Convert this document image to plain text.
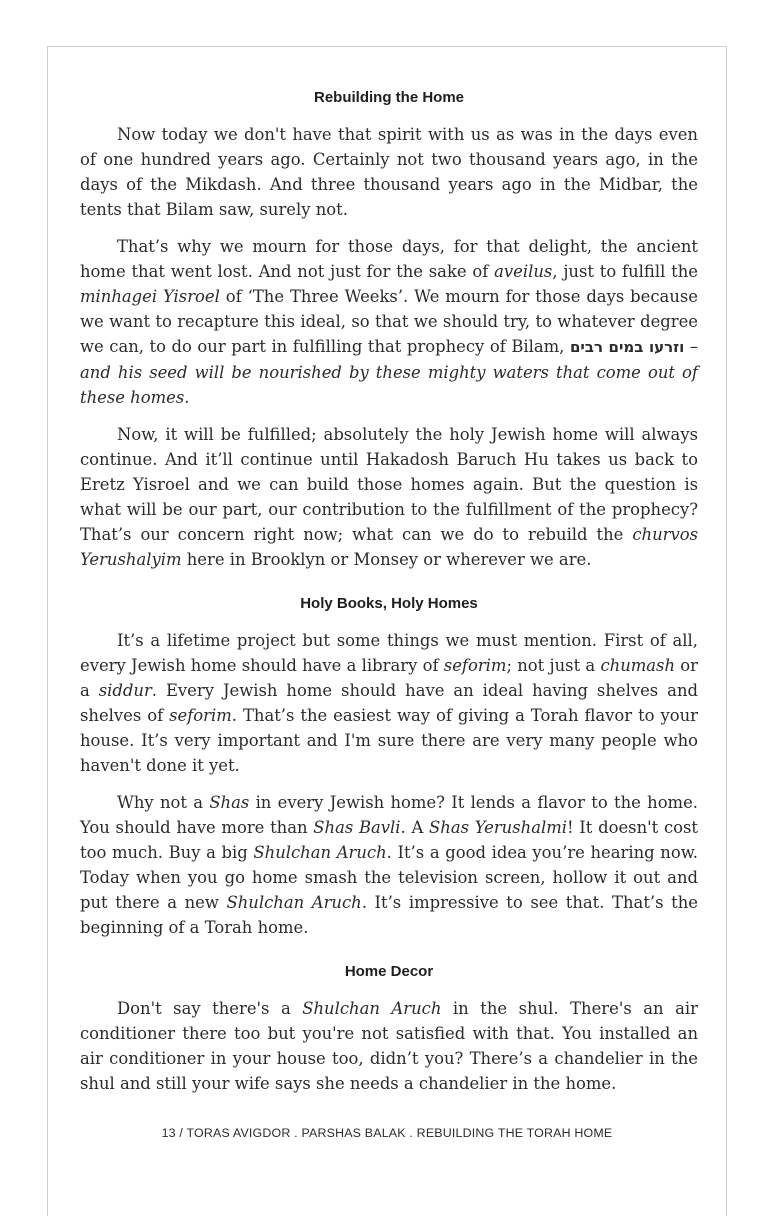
Rebuilding the Home

Now today we don't have that spirit with us as was in the days even of one hundred years ago. Certainly not two thousand years ago, in the days of the Mikdash. And three thousand years ago in the Midbar, the tents that Bilam saw, surely not.

That’s why we mourn for those days, for that delight, the ancient home that went lost. And not just for the sake of aveilus, just to fulfill the minhagei Yisroel of ‘The Three Weeks’. We mourn for those days because we want to recapture this ideal, so that we should try, to whatever degree we can, to do our part in fulfilling that prophecy of Bilam, וזרעו במים רבים – and his seed will be nourished by these mighty waters that come out of these homes.

Now, it will be fulfilled; absolutely the holy Jewish home will always continue. And it’ll continue until Hakadosh Baruch Hu takes us back to Eretz Yisroel and we can build those homes again. But the question is what will be our part, our contribution to the fulfillment of the prophecy? That’s our concern right now; what can we do to rebuild the churvos Yerushalyim here in Brooklyn or Monsey or wherever we are.

Holy Books, Holy Homes

It’s a lifetime project but some things we must mention. First of all, every Jewish home should have a library of seforim; not just a chumash or a siddur. Every Jewish home should have an ideal having shelves and shelves of seforim. That’s the easiest way of giving a Torah flavor to your house. It’s very important and I'm sure there are very many people who haven't done it yet.

Why not a Shas in every Jewish home? It lends a flavor to the home. You should have more than Shas Bavli. A Shas Yerushalmi! It doesn't cost too much. Buy a big Shulchan Aruch. It’s a good idea you’re hearing now. Today when you go home smash the television screen, hollow it out and put there a new Shulchan Aruch. It’s impressive to see that. That’s the beginning of a Torah home.

Home Decor

Don't say there's a Shulchan Aruch in the shul. There's an air conditioner there too but you're not satisfied with that. You installed an air conditioner in your house too, didn’t you? There’s a chandelier in the shul and still your wife says she needs a chandelier in the home.

13 / TORAS AVIGDOR . PARSHAS BALAK . REBUILDING THE TORAH HOME
